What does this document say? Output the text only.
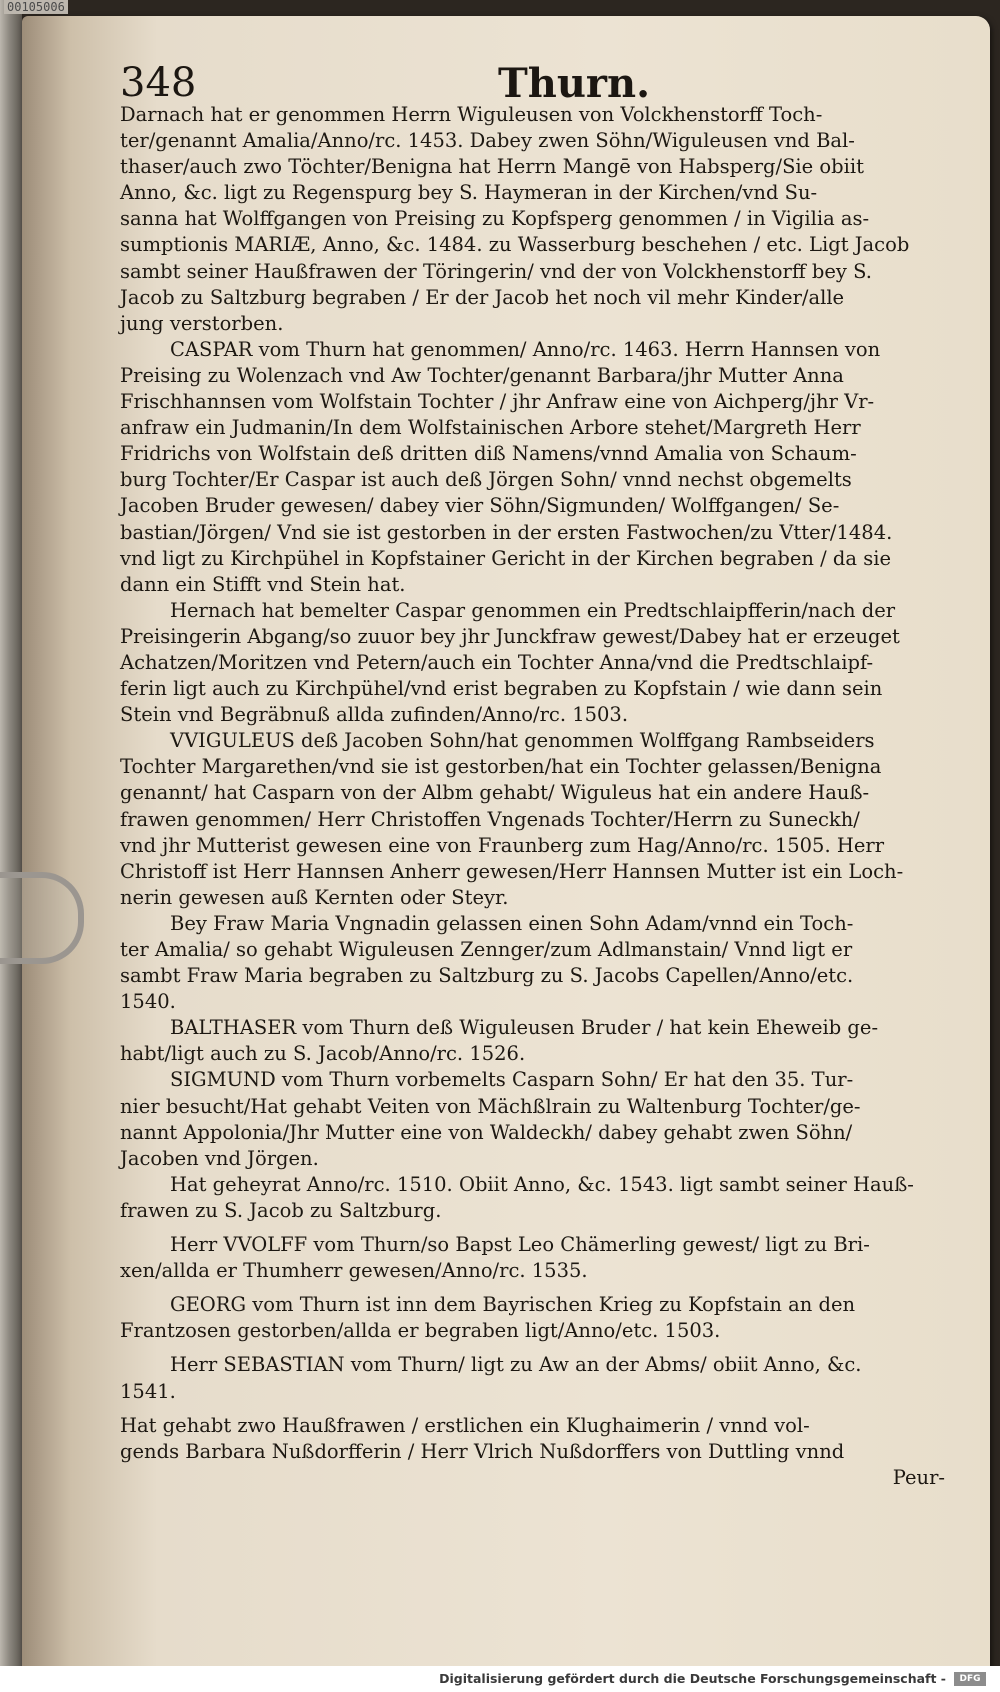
00105006
348	Thurn.
Darnach hat er genommen Herrn Wiguleusen von Volckhenstorff Toch-
ter/genannt Amalia/Anno/rc. 1453. Dabey zwen Söhn/Wiguleusen vnd Bal-
thaser/auch zwo Töchter/Benigna hat Herrn Mangē von Habsperg/Sie obiit
Anno, &c. ligt zu Regenspurg bey S. Haymeran in der Kirchen/vnd Su-
sanna hat Wolffgangen von Preising zu Kopfsperg genommen / in Vigilia as-
sumptionis MARIÆ, Anno, &c. 1484. zu Wasserburg beschehen / etc. Ligt Jacob
sambt seiner Haußfrawen der Töringerin/ vnd der von Volckhenstorff bey S.
Jacob zu Saltzburg begraben / Er der Jacob het noch vil mehr Kinder/alle
jung verstorben.
CASPAR vom Thurn hat genommen/ Anno/rc. 1463. Herrn Hannsen von
Preising zu Wolenzach vnd Aw Tochter/genannt Barbara/jhr Mutter Anna
Frischhannsen vom Wolfstain Tochter / jhr Anfraw eine von Aichperg/jhr Vr-
anfraw ein Judmanin/In dem Wolfstainischen Arbore stehet/Margreth Herr
Fridrichs von Wolfstain deß dritten diß Namens/vnnd Amalia von Schaum-
burg Tochter/Er Caspar ist auch deß Jörgen Sohn/ vnnd nechst obgemelts
Jacoben Bruder gewesen/ dabey vier Söhn/Sigmunden/ Wolffgangen/ Se-
bastian/Jörgen/ Vnd sie ist gestorben in der ersten Fastwochen/zu Vtter/1484.
vnd ligt zu Kirchpühel in Kopfstainer Gericht in der Kirchen begraben / da sie
dann ein Stifft vnd Stein hat.
Hernach hat bemelter Caspar genommen ein Predtschlaipfferin/nach der
Preisingerin Abgang/so zuuor bey jhr Junckfraw gewest/Dabey hat er erzeuget
Achatzen/Moritzen vnd Petern/auch ein Tochter Anna/vnd die Predtschlaipf-
ferin ligt auch zu Kirchpühel/vnd erist begraben zu Kopfstain / wie dann sein
Stein vnd Begräbnuß allda zufinden/Anno/rc. 1503.
VVIGULEUS deß Jacoben Sohn/hat genommen Wolffgang Rambseiders
Tochter Margarethen/vnd sie ist gestorben/hat ein Tochter gelassen/Benigna
genannt/ hat Casparn von der Albm gehabt/ Wiguleus hat ein andere Hauß-
frawen genommen/ Herr Christoffen Vngenads Tochter/Herrn zu Suneckh/
vnd jhr Mutterist gewesen eine von Fraunberg zum Hag/Anno/rc. 1505. Herr
Christoff ist Herr Hannsen Anherr gewesen/Herr Hannsen Mutter ist ein Loch-
nerin gewesen auß Kernten oder Steyr.
Bey Fraw Maria Vngnadin gelassen einen Sohn Adam/vnnd ein Toch-
ter Amalia/ so gehabt Wiguleusen Zennger/zum Adlmanstain/ Vnnd ligt er
sambt Fraw Maria begraben zu Saltzburg zu S. Jacobs Capellen/Anno/etc.
1540.
BALTHASER vom Thurn deß Wiguleusen Bruder / hat kein Eheweib ge-
habt/ligt auch zu S. Jacob/Anno/rc. 1526.
SIGMUND vom Thurn vorbemelts Casparn Sohn/ Er hat den 35. Tur-
nier besucht/Hat gehabt Veiten von Mächßlrain zu Waltenburg Tochter/ge-
nannt Appolonia/Jhr Mutter eine von Waldeckh/ dabey gehabt zwen Söhn/
Jacoben vnd Jörgen.
Hat geheyrat Anno/rc. 1510. Obiit Anno, &c. 1543. ligt sambt seiner Hauß-
frawen zu S. Jacob zu Saltzburg.
Herr VVOLFF vom Thurn/so Bapst Leo Chämerling gewest/ ligt zu Bri-
xen/allda er Thumherr gewesen/Anno/rc. 1535.
GEORG vom Thurn ist inn dem Bayrischen Krieg zu Kopfstain an den
Frantzosen gestorben/allda er begraben ligt/Anno/etc. 1503.
Herr SEBASTIAN vom Thurn/ ligt zu Aw an der Abms/ obiit Anno, &c.
1541.
Hat gehabt zwo Haußfrawen / erstlichen ein Klughaimerin / vnnd vol-
gends Barbara Nußdorfferin / Herr Vlrich Nußdorffers von Duttling vnnd
Peur-
Digitalisierung gefördert durch die Deutsche Forschungsgemeinschaft -	DFG
